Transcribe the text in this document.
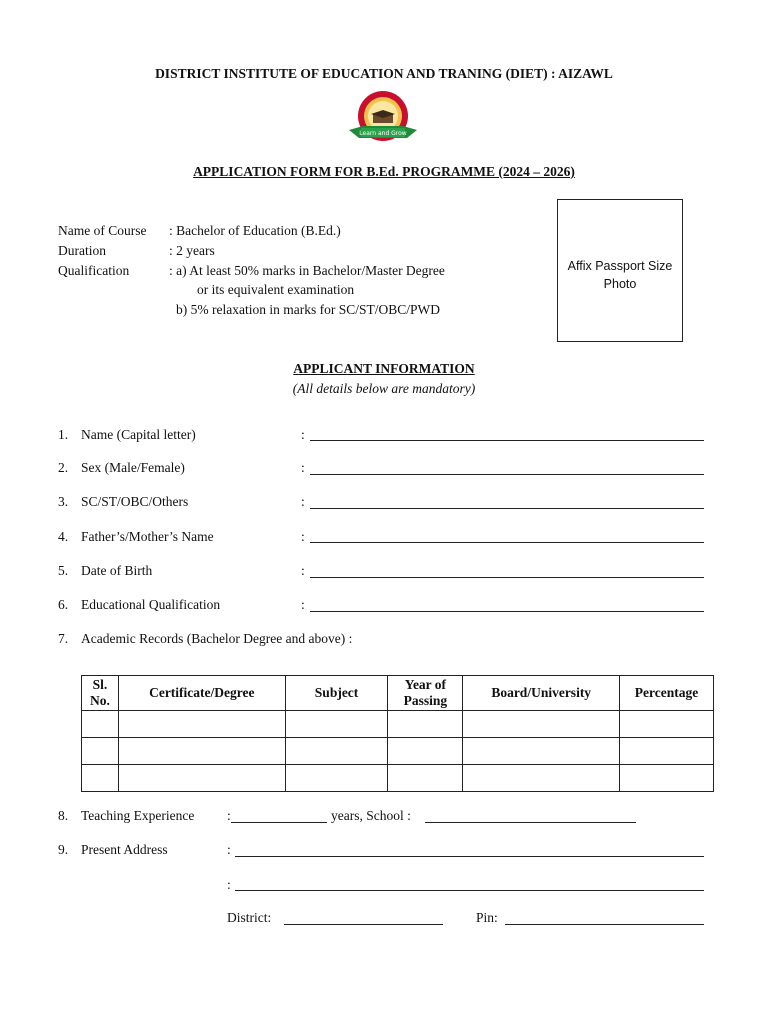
DISTRICT INSTITUTE OF EDUCATION AND TRANING (DIET) : AIZAWL
Learn and Grow
APPLICATION FORM FOR B.Ed. PROGRAMME (2024 – 2026)
Name of Course : Bachelor of Education (B.Ed.)
Duration	: 2 years
Qualification	: a) At least 50% marks in Bachelor/Master Degree
or its equivalent examination
b) 5% relaxation in marks for SC/ST/OBC/PWD
Affix Passport Size
Photo
APPLICANT INFORMATION
(All details below are mandatory)
1. Name (Capital letter)	:
2. Sex (Male/Female)	:
3. SC/ST/OBC/Others	:
4. Father’s/Mother’s Name	:
5. Date of Birth	:
6. Educational Qualification	:
7. Academic Records (Bachelor Degree and above) :
Sl. No.	Certificate/Degree	Subject	Year of Passing	Board/University	Percentage

8. Teaching Experience :	years, School :
9. Present Address	:
:
District:	Pin:
